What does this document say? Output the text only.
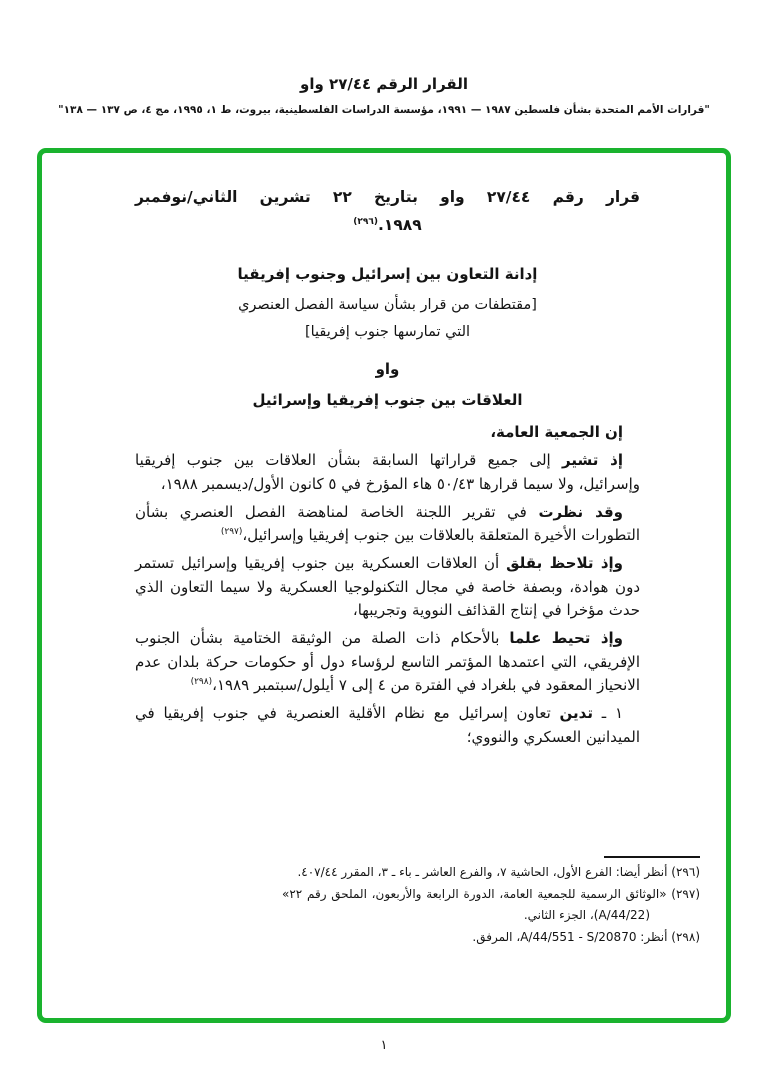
القرار الرقم ٢٧/٤٤ واو
"قرارات الأمم المتحدة بشأن فلسطين ١٩٨٧ — ١٩٩١، مؤسسة الدراسات الفلسطينية، بيروت، ط ١، ١٩٩٥، مج ٤، ص ١٣٧ — ١٣٨"
قرار رقم ٢٧/٤٤ واو بتاريخ ٢٢ تشرين الثاني/نوفمبر
١٩٨٩.$^{(٢٩٦)}$
إدانة التعاون بين إسرائيل وجنوب إفريقيا
[مقتطفات من قرار بشأن سياسة الفصل العنصري
التي تمارسها جنوب إفريقيا]
واو
العلاقات بين جنوب إفريقيا وإسرائيل
إن الجمعية العامة،
إذ تشير إلى جميع قراراتها السابقة بشأن العلاقات بين جنوب إفريقيا وإسرائيل، ولا سيما قرارها ٥٠/٤٣ هاء المؤرخ في ٥ كانون الأول/ديسمبر ١٩٨٨،
وقد نظرت في تقرير اللجنة الخاصة لمناهضة الفصل العنصري بشأن التطورات الأخيرة المتعلقة بالعلاقات بين جنوب إفريقيا وإسرائيل،$^{(٢٩٧)}$
وإذ تلاحظ بقلق أن العلاقات العسكرية بين جنوب إفريقيا وإسرائيل تستمر دون هوادة، وبصفة خاصة في مجال التكنولوجيا العسكرية ولا سيما التعاون الذي حدث مؤخرا في إنتاج القذائف النووية وتجريبها،
وإذ تحيط علما بالأحكام ذات الصلة من الوثيقة الختامية بشأن الجنوب الإفريقي، التي اعتمدها المؤتمر التاسع لرؤساء دول أو حكومات حركة بلدان عدم الانحياز المعقود في بلغراد في الفترة من ٤ إلى ٧ أيلول/سبتمبر ١٩٨٩،$^{(٢٩٨)}$
١ ـ تدين تعاون إسرائيل مع نظام الأقلية العنصرية في جنوب إفريقيا في الميدانين العسكري والنووي؛
(٢٩٦) أنظر أيضا: الفرع الأول، الحاشية ٧، والفرع العاشر ـ باء ـ ٣، المقرر ٤٠٧/٤٤.
(٢٩٧) «الوثائق الرسمية للجمعية العامة، الدورة الرابعة والأربعون، الملحق رقم ٢٢» (A/44/22)، الجزء الثاني.
(٢٩٨) أنظر: A/44/551 - S/20870، المرفق.
١
